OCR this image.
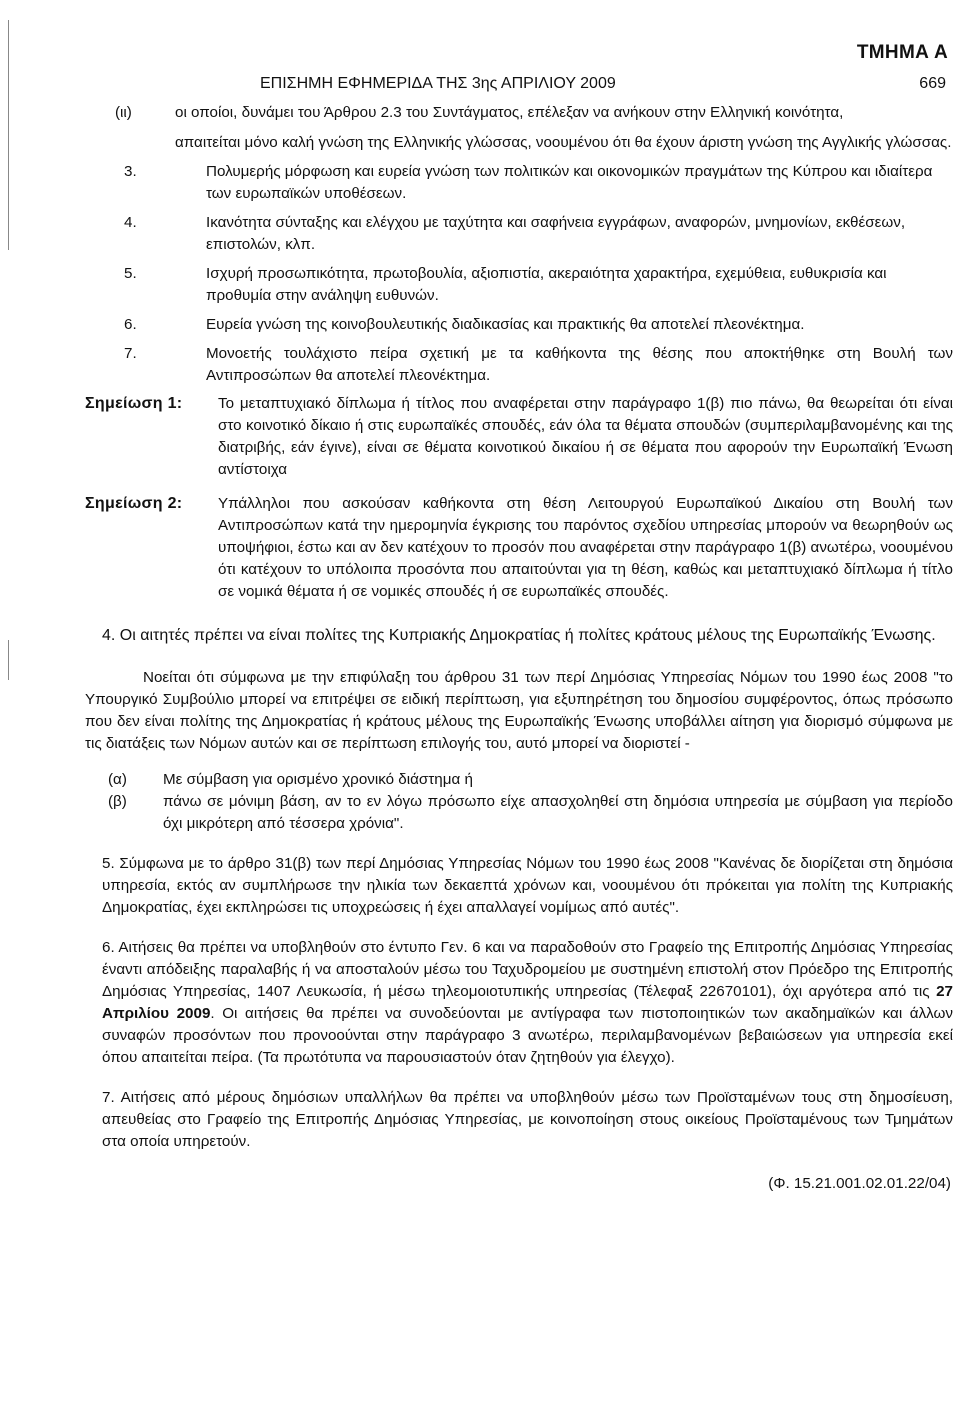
ΤΜΗΜΑ Α
ΕΠΙΣΗΜΗ ΕΦΗΜΕΡΙΔΑ ΤΗΣ 3ης ΑΠΡΙΛΙΟΥ 2009	669
(ιι)	οι οποίοι, δυνάμει του Άρθρου 2.3 του Συντάγματος, επέλεξαν να ανήκουν στην Ελληνική κοινότητα,
απαιτείται μόνο καλή γνώση της Ελληνικής γλώσσας, νοουμένου ότι θα έχουν άριστη γνώση της Αγγλικής γλώσσας.
3.	Πολυμερής μόρφωση και ευρεία γνώση των πολιτικών και οικονομικών πραγμάτων της Κύπρου και ιδιαίτερα των ευρωπαϊκών υποθέσεων.
4.	Ικανότητα σύνταξης και ελέγχου με ταχύτητα και σαφήνεια εγγράφων, αναφορών, μνημονίων, εκθέσεων, επιστολών, κλπ.
5.	Ισχυρή προσωπικότητα, πρωτοβουλία, αξιοπιστία, ακεραιότητα χαρακτήρα, εχεμύθεια, ευθυκρισία και προθυμία στην ανάληψη ευθυνών.
6.	Ευρεία γνώση της κοινοβουλευτικής διαδικασίας και πρακτικής θα αποτελεί πλεονέκτημα.
7.	Μονοετής τουλάχιστο πείρα σχετική με τα καθήκοντα της θέσης που αποκτήθηκε στη Βουλή των Αντιπροσώπων θα αποτελεί πλεονέκτημα.
Σημείωση 1:	Το μεταπτυχιακό δίπλωμα ή τίτλος που αναφέρεται στην παράγραφο 1(β) πιο πάνω, θα θεωρείται ότι είναι στο κοινοτικό δίκαιο ή στις ευρωπαϊκές σπουδές, εάν όλα τα θέματα σπουδών (συμπεριλαμβανομένης και της διατριβής, εάν έγινε), είναι σε θέματα κοινοτικού δικαίου ή σε θέματα που αφορούν την Ευρωπαϊκή Ένωση αντίστοιχα
Σημείωση 2:	Υπάλληλοι που ασκούσαν καθήκοντα στη θέση Λειτουργού Ευρωπαϊκού Δικαίου στη Βουλή των Αντιπροσώπων κατά την ημερομηνία έγκρισης του παρόντος σχεδίου υπηρεσίας μπορούν να θεωρηθούν ως υποψήφιοι, έστω και αν δεν κατέχουν το προσόν που αναφέρεται στην παράγραφο 1(β) ανωτέρω, νοουμένου ότι κατέχουν το υπόλοιπα προσόντα που απαιτούνται για τη θέση, καθώς και μεταπτυχιακό δίπλωμα ή τίτλο σε νομικά θέματα ή σε νομικές σπουδές ή σε ευρωπαϊκές σπουδές.
4. Οι αιτητές πρέπει να είναι πολίτες της Κυπριακής Δημοκρατίας ή πολίτες κράτους μέλους της Ευρωπαϊκής Ένωσης.
Νοείται ότι σύμφωνα με την επιφύλαξη του άρθρου 31 των περί Δημόσιας Υπηρεσίας Νόμων του 1990 έως 2008 "το Υπουργικό Συμβούλιο μπορεί να επιτρέψει σε ειδική περίπτωση, για εξυπηρέτηση του δημοσίου συμφέροντος, όπως πρόσωπο που δεν είναι πολίτης της Δημοκρατίας ή κράτους μέλους της Ευρωπαϊκής Ένωσης υποβάλλει αίτηση για διορισμό σύμφωνα με τις διατάξεις των Νόμων αυτών και σε περίπτωση επιλογής του, αυτό μπορεί να διοριστεί -
(α)	Με σύμβαση για ορισμένο χρονικό διάστημα ή
(β)	πάνω σε μόνιμη βάση, αν το εν λόγω πρόσωπο είχε απασχοληθεί στη δημόσια υπηρεσία με σύμβαση για περίοδο όχι μικρότερη από τέσσερα χρόνια".
5. Σύμφωνα με το άρθρο 31(β) των περί Δημόσιας Υπηρεσίας Νόμων του 1990 έως 2008 "Κανένας δε διορίζεται στη δημόσια υπηρεσία, εκτός αν συμπλήρωσε την ηλικία των δεκαεπτά χρόνων και, νοουμένου ότι πρόκειται για πολίτη της Κυπριακής Δημοκρατίας, έχει εκπληρώσει τις υποχρεώσεις ή έχει απαλλαγεί νομίμως από αυτές".
6. Αιτήσεις θα πρέπει να υποβληθούν στο έντυπο Γεν. 6 και να παραδοθούν στο Γραφείο της Επιτροπής Δημόσιας Υπηρεσίας έναντι απόδειξης παραλαβής ή να αποσταλούν μέσω του Ταχυδρομείου με συστημένη επιστολή στον Πρόεδρο της Επιτροπής Δημόσιας Υπηρεσίας, 1407 Λευκωσία, ή μέσω τηλεομοιοτυπικής υπηρεσίας (Τέλεφαξ 22670101), όχι αργότερα από τις 27 Απριλίου 2009. Οι αιτήσεις θα πρέπει να συνοδεύονται με αντίγραφα των πιστοποιητικών των ακαδημαϊκών και άλλων συναφών προσόντων που προνοούνται στην παράγραφο 3 ανωτέρω, περιλαμβανομένων βεβαιώσεων για υπηρεσία εκεί όπου απαιτείται πείρα. (Τα πρωτότυπα να παρουσιαστούν όταν ζητηθούν για έλεγχο).
7. Αιτήσεις από μέρους δημόσιων υπαλλήλων θα πρέπει να υποβληθούν μέσω των Προϊσταμένων τους στη δημοσίευση, απευθείας στο Γραφείο της Επιτροπής Δημόσιας Υπηρεσίας, με κοινοποίηση στους οικείους Προϊσταμένους των Τμημάτων στα οποία υπηρετούν.
(Φ. 15.21.001.02.01.22/04)
